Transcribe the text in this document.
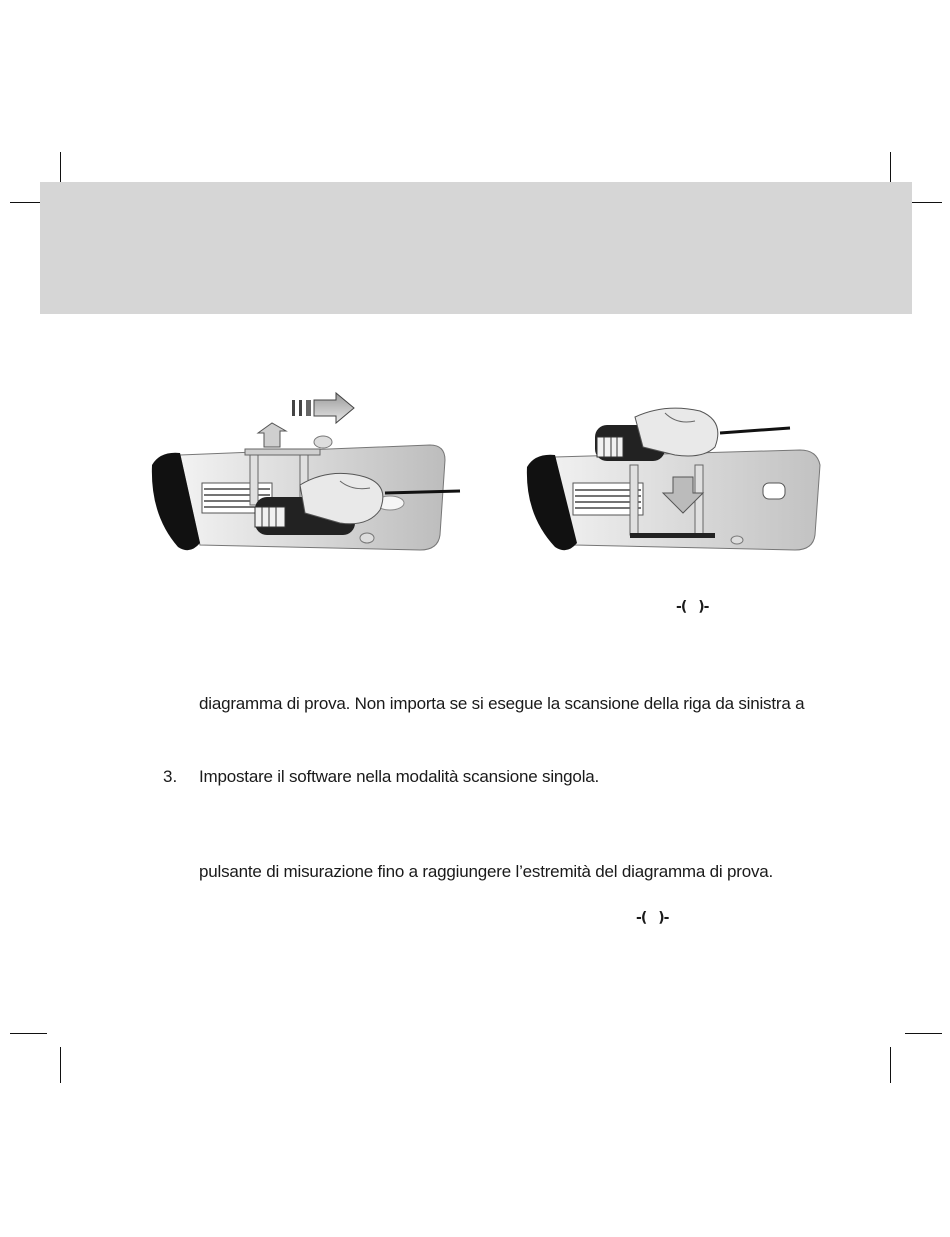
-( )-
diagramma di prova. Non importa se si esegue la scansione della riga da sinistra a
3. Impostare il software nella modalità scansione singola.
pulsante di misurazione fino a raggiungere l’estremità del diagramma di prova.
-( )-
